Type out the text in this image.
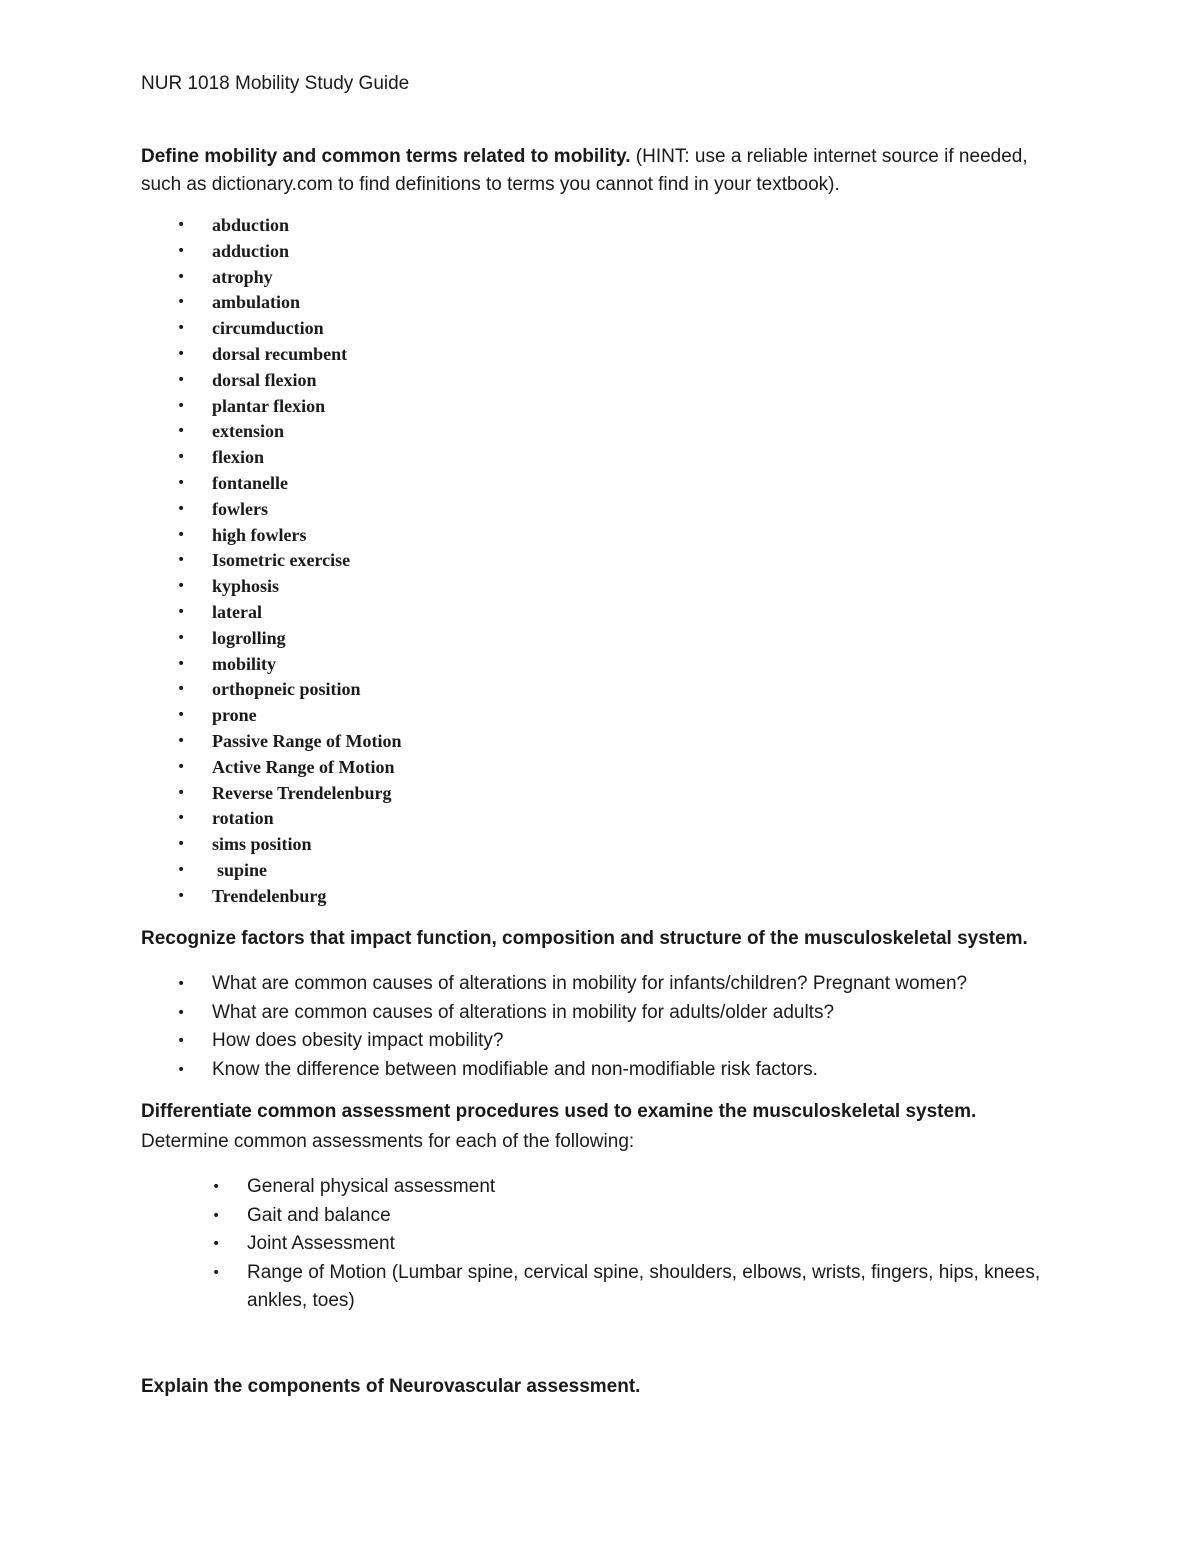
NUR 1018 Mobility Study Guide

Define mobility and common terms related to mobility. (HINT: use a reliable internet source if needed, such as dictionary.com to find definitions to terms you cannot find in your textbook).

• abduction
• adduction
• atrophy
• ambulation
• circumduction
• dorsal recumbent
• dorsal flexion
• plantar flexion
• extension
• flexion
• fontanelle
• fowlers
• high fowlers
• Isometric exercise
• kyphosis
• lateral
• logrolling
• mobility
• orthopneic position
• prone
• Passive Range of Motion
• Active Range of Motion
• Reverse Trendelenburg
• rotation
• sims position
• supine
• Trendelenburg

Recognize factors that impact function, composition and structure of the musculoskeletal system.

• What are common causes of alterations in mobility for infants/children? Pregnant women?
• What are common causes of alterations in mobility for adults/older adults?
• How does obesity impact mobility?
• Know the difference between modifiable and non-modifiable risk factors.

Differentiate common assessment procedures used to examine the musculoskeletal system.

Determine common assessments for each of the following:

• General physical assessment
• Gait and balance
• Joint Assessment
• Range of Motion (Lumbar spine, cervical spine, shoulders, elbows, wrists, fingers, hips, knees, ankles, toes)

Explain the components of Neurovascular assessment.
